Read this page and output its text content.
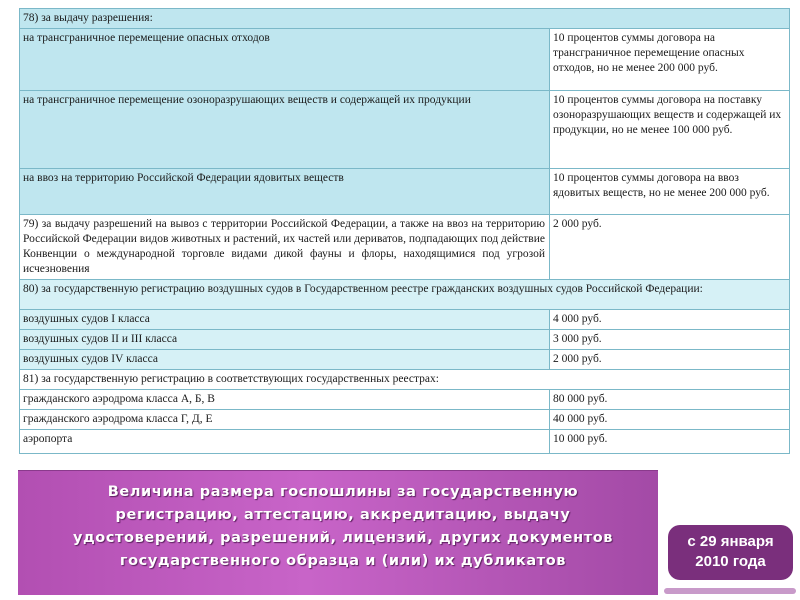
78) за выдачу разрешения:	
на трансграничное перемещение опасных отходов	10 процентов суммы договора на трансграничное перемещение опасных отходов, но не менее 200 000 руб.
на трансграничное перемещение озоноразрушающих веществ и содержащей их продукции	10 процентов суммы договора на поставку озоноразрушающих веществ и содержащей их продукции, но не менее 100 000 руб.
на ввоз на территорию Российской Федерации ядовитых веществ	10 процентов суммы договора на ввоз ядовитых веществ, но не менее 200 000 руб.
79) за выдачу разрешений на вывоз с территории Российской Федерации, а также на ввоз на территорию Российской Федерации видов животных и растений, их частей или дериватов, подпадающих под действие Конвенции о международной торговле видами дикой фауны и флоры, находящимися под угрозой исчезновения	2 000 руб.
80) за государственную регистрацию воздушных судов в Государственном реестре гражданских воздушных судов Российской Федерации:	
воздушных судов I класса	4 000 руб.
воздушных судов II и III класса	3 000 руб.
воздушных судов IV класса	2 000 руб.
81) за государственную регистрацию в соответствующих государственных реестрах:	
гражданского аэродрома класса А, Б, В	80 000 руб.
гражданского аэродрома класса Г, Д, Е	40 000 руб.
аэропорта	10 000 руб.
Величина размера госпошлины за государственную
регистрацию, аттестацию, аккредитацию, выдачу
удостоверений, разрешений, лицензий, других документов
государственного образца и (или) их дубликатов
с 29 января
2010 года
